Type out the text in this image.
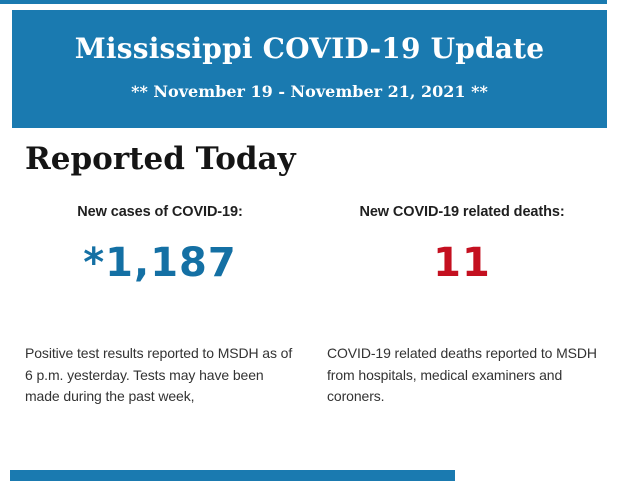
Mississippi COVID-19 Update

** November 19 - November 21, 2021 **

Reported Today
New cases of COVID-19:
*1,187

Positive test results reported to MSDH as of 6 p.m. yesterday. Tests may have been made during the past week,

New COVID-19 related deaths:
11

COVID-19 related deaths reported to MSDH from hospitals, medical examiners and coroners.
